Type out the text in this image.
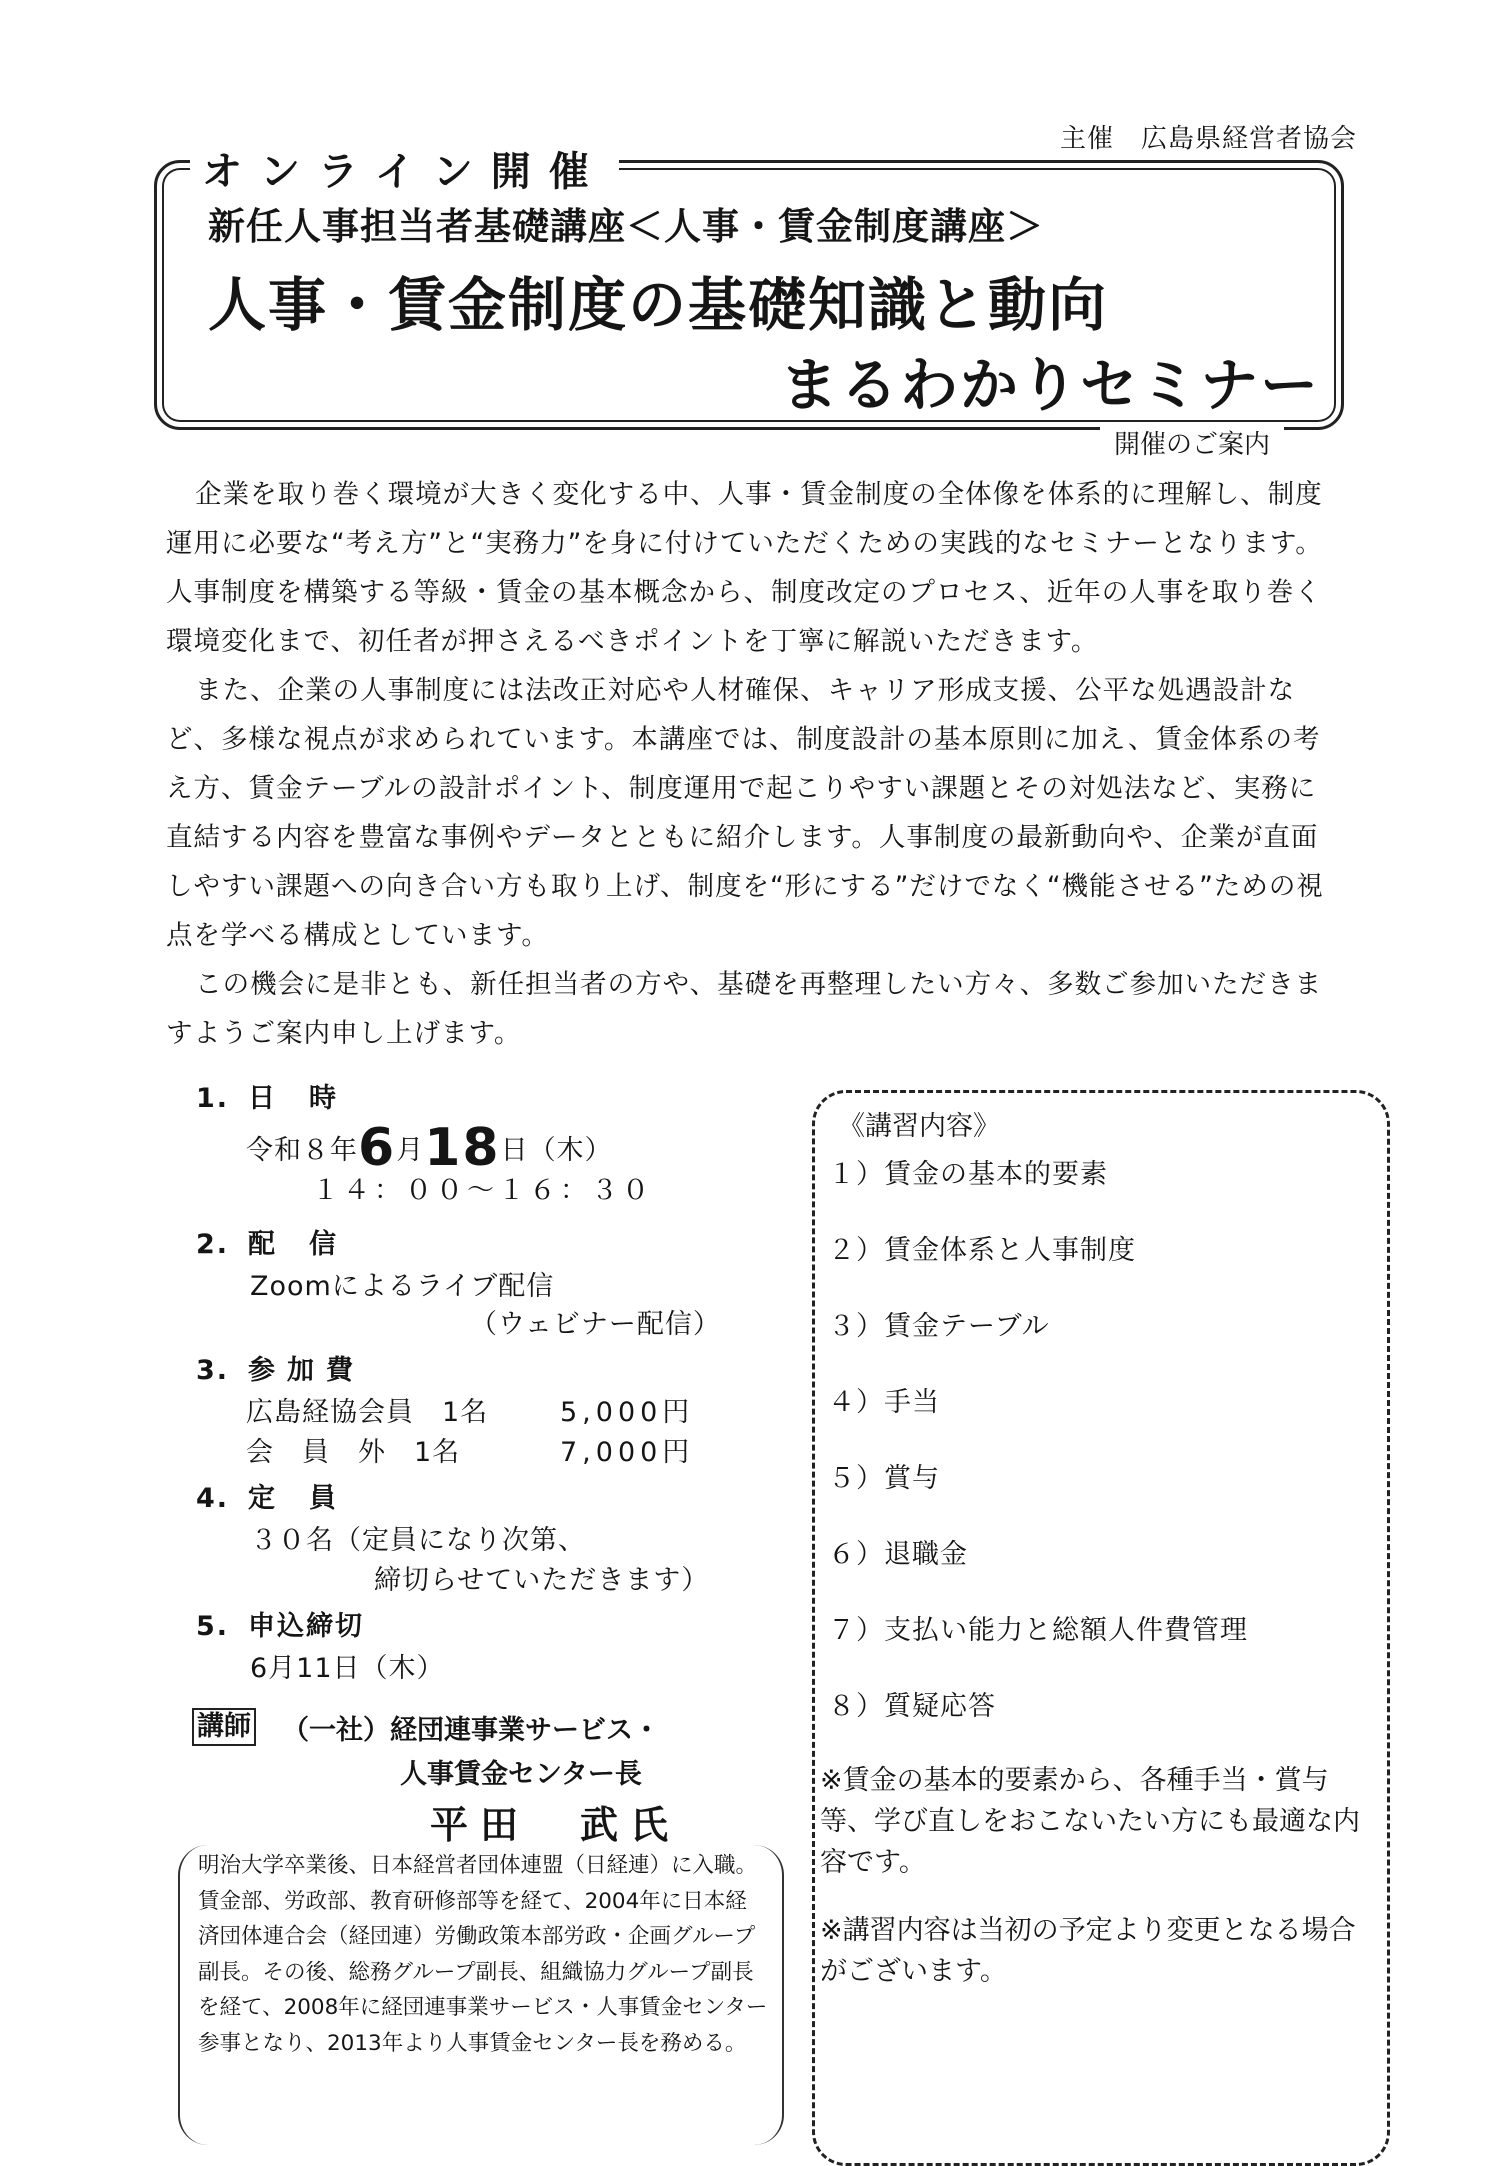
主催　広島県経営者協会
オンライン開催
新任人事担当者基礎講座＜人事・賃金制度講座＞
人事・賃金制度の基礎知識と動向
まるわかりセミナー
開催のご案内

企業を取り巻く環境が大きく変化する中、人事・賃金制度の全体像を体系的に理解し、制度運用に必要な“考え方”と“実務力”を身に付けていただくための実践的なセミナーとなります。人事制度を構築する等級・賃金の基本概念から、制度改定のプロセス、近年の人事を取り巻く環境変化まで、初任者が押さえるべきポイントを丁寧に解説いただきます。

また、企業の人事制度には法改正対応や人材確保、キャリア形成支援、公平な処遇設計など、多様な視点が求められています。本講座では、制度設計の基本原則に加え、賃金体系の考え方、賃金テーブルの設計ポイント、制度運用で起こりやすい課題とその対処法など、実務に直結する内容を豊富な事例やデータとともに紹介します。人事制度の最新動向や、企業が直面しやすい課題への向き合い方も取り上げ、制度を“形にする”だけでなく“機能させる”ための視点を学べる構成としています。

この機会に是非とも、新任担当者の方や、基礎を再整理したい方々、多数ご参加いただきますようご案内申し上げます。

1. 日時
令和８年6月18日（木）
１４：００～１６：３０
2. 配信
Zoomによるライブ配信
（ウェビナー配信）
3. 参加費
広島経協会員　1名	5,000円
会　員　外　1名	7,000円
4. 定員
３０名（定員になり次第、
締切らせていただきます）
5. 申込締切
6月11日（木）
講師 （一社）経団連事業サービス・
人事賃金センター長
平田　武氏

明治大学卒業後、日本経営者団体連盟（日経連）に入職。賃金部、労政部、教育研修部等を経て、2004年に日本経済団体連合会（経団連）労働政策本部労政・企画グループ副長。その後、総務グループ副長、組織協力グループ副長を経て、2008年に経団連事業サービス・人事賃金センター参事となり、2013年より人事賃金センター長を務める。

《講習内容》
１）賃金の基本的要素
２）賃金体系と人事制度
３）賃金テーブル
４）手当
５）賞与
６）退職金
７）支払い能力と総額人件費管理
８）質疑応答

※賃金の基本的要素から、各種手当・賞与等、学び直しをおこないたい方にも最適な内容です。

※講習内容は当初の予定より変更となる場合がございます。
